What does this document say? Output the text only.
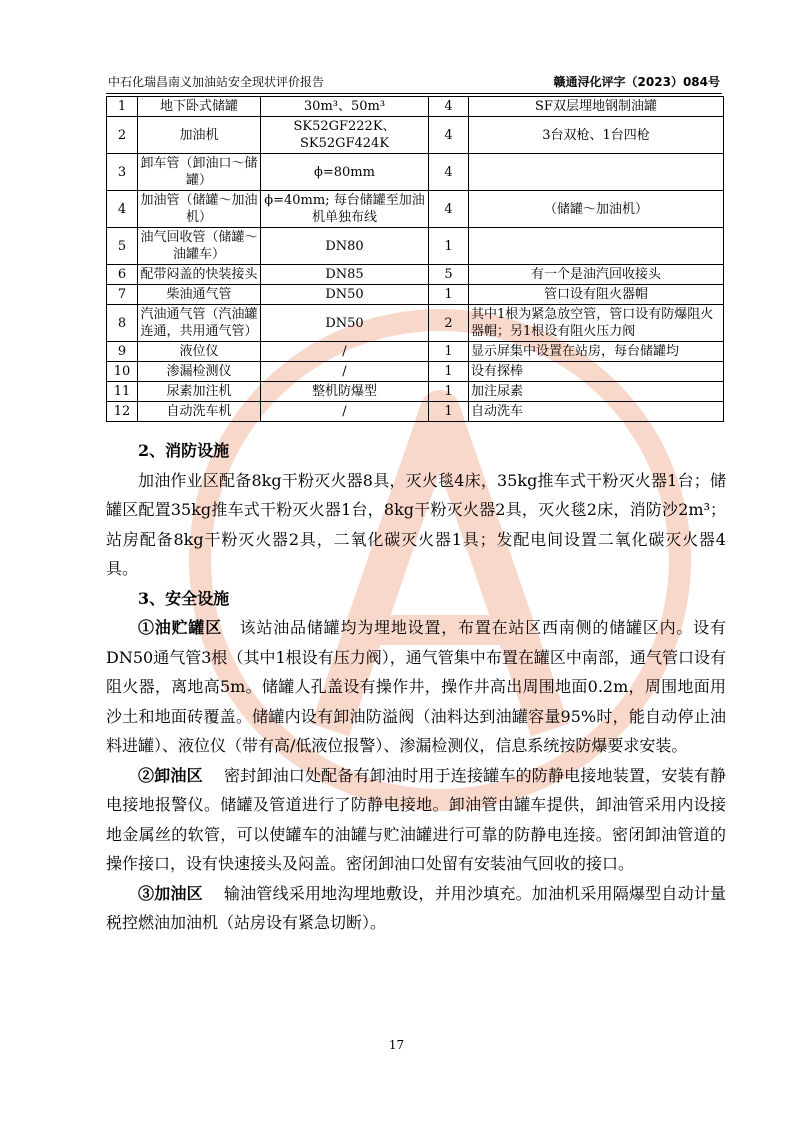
中石化瑞昌南义加油站安全现状评价报告	赣通浔化评字（2023）084号
1	地下卧式储罐	30m³、50m³	4	SF双层埋地钢制油罐
2	加油机	SK52GF222K、SK52GF424K	4	3台双枪、1台四枪
3	卸车管（卸油口～储罐）	ϕ=80mm	4	
4	加油管（储罐～加油机）	ϕ=40mm; 每台储罐至加油机单独布线	4	（储罐～加油机）
5	油气回收管（储罐～油罐车）	DN80	1	
6	配带闷盖的快装接头	DN85	5	有一个是油汽回收接头
7	柴油通气管	DN50	1	管口设有阻火器帽
8	汽油通气管（汽油罐连通，共用通气管）	DN50	2	其中1根为紧急放空管，管口设有防爆阻火器帽；另1根设有阻火压力阀
9	液位仪	/	1	显示屏集中设置在站房，每台储罐均
10	渗漏检测仪	/	1	设有探棒
11	尿素加注机	整机防爆型	1	加注尿素
12	自动洗车机	/	1	自动洗车
2、消防设施

加油作业区配备8kg干粉灭火器8具，灭火毯4床，35kg推车式干粉灭火器1台；储罐区配置35kg推车式干粉灭火器1台，8kg干粉灭火器2具，灭火毯2床，消防沙2m³；站房配备8kg干粉灭火器2具，二氧化碳灭火器1具；发配电间设置二氧化碳灭火器4具。

3、安全设施

①油贮罐区 该站油品储罐均为埋地设置，布置在站区西南侧的储罐区内。设有DN50通气管3根（其中1根设有压力阀），通气管集中布置在罐区中南部，通气管口设有阻火器，离地高5m。储罐人孔盖设有操作井，操作井高出周围地面0.2m，周围地面用沙土和地面砖覆盖。储罐内设有卸油防溢阀（油料达到油罐容量95%时，能自动停止油料进罐）、液位仪（带有高/低液位报警）、渗漏检测仪，信息系统按防爆要求安装。

②卸油区 密封卸油口处配备有卸油时用于连接罐车的防静电接地装置，安装有静电接地报警仪。储罐及管道进行了防静电接地。卸油管由罐车提供，卸油管采用内设接地金属丝的软管，可以使罐车的油罐与贮油罐进行可靠的防静电连接。密闭卸油管道的操作接口，设有快速接头及闷盖。密闭卸油口处留有安装油气回收的接口。

③加油区 输油管线采用地沟埋地敷设，并用沙填充。加油机采用隔爆型自动计量税控燃油加油机（站房设有紧急切断）。

17
